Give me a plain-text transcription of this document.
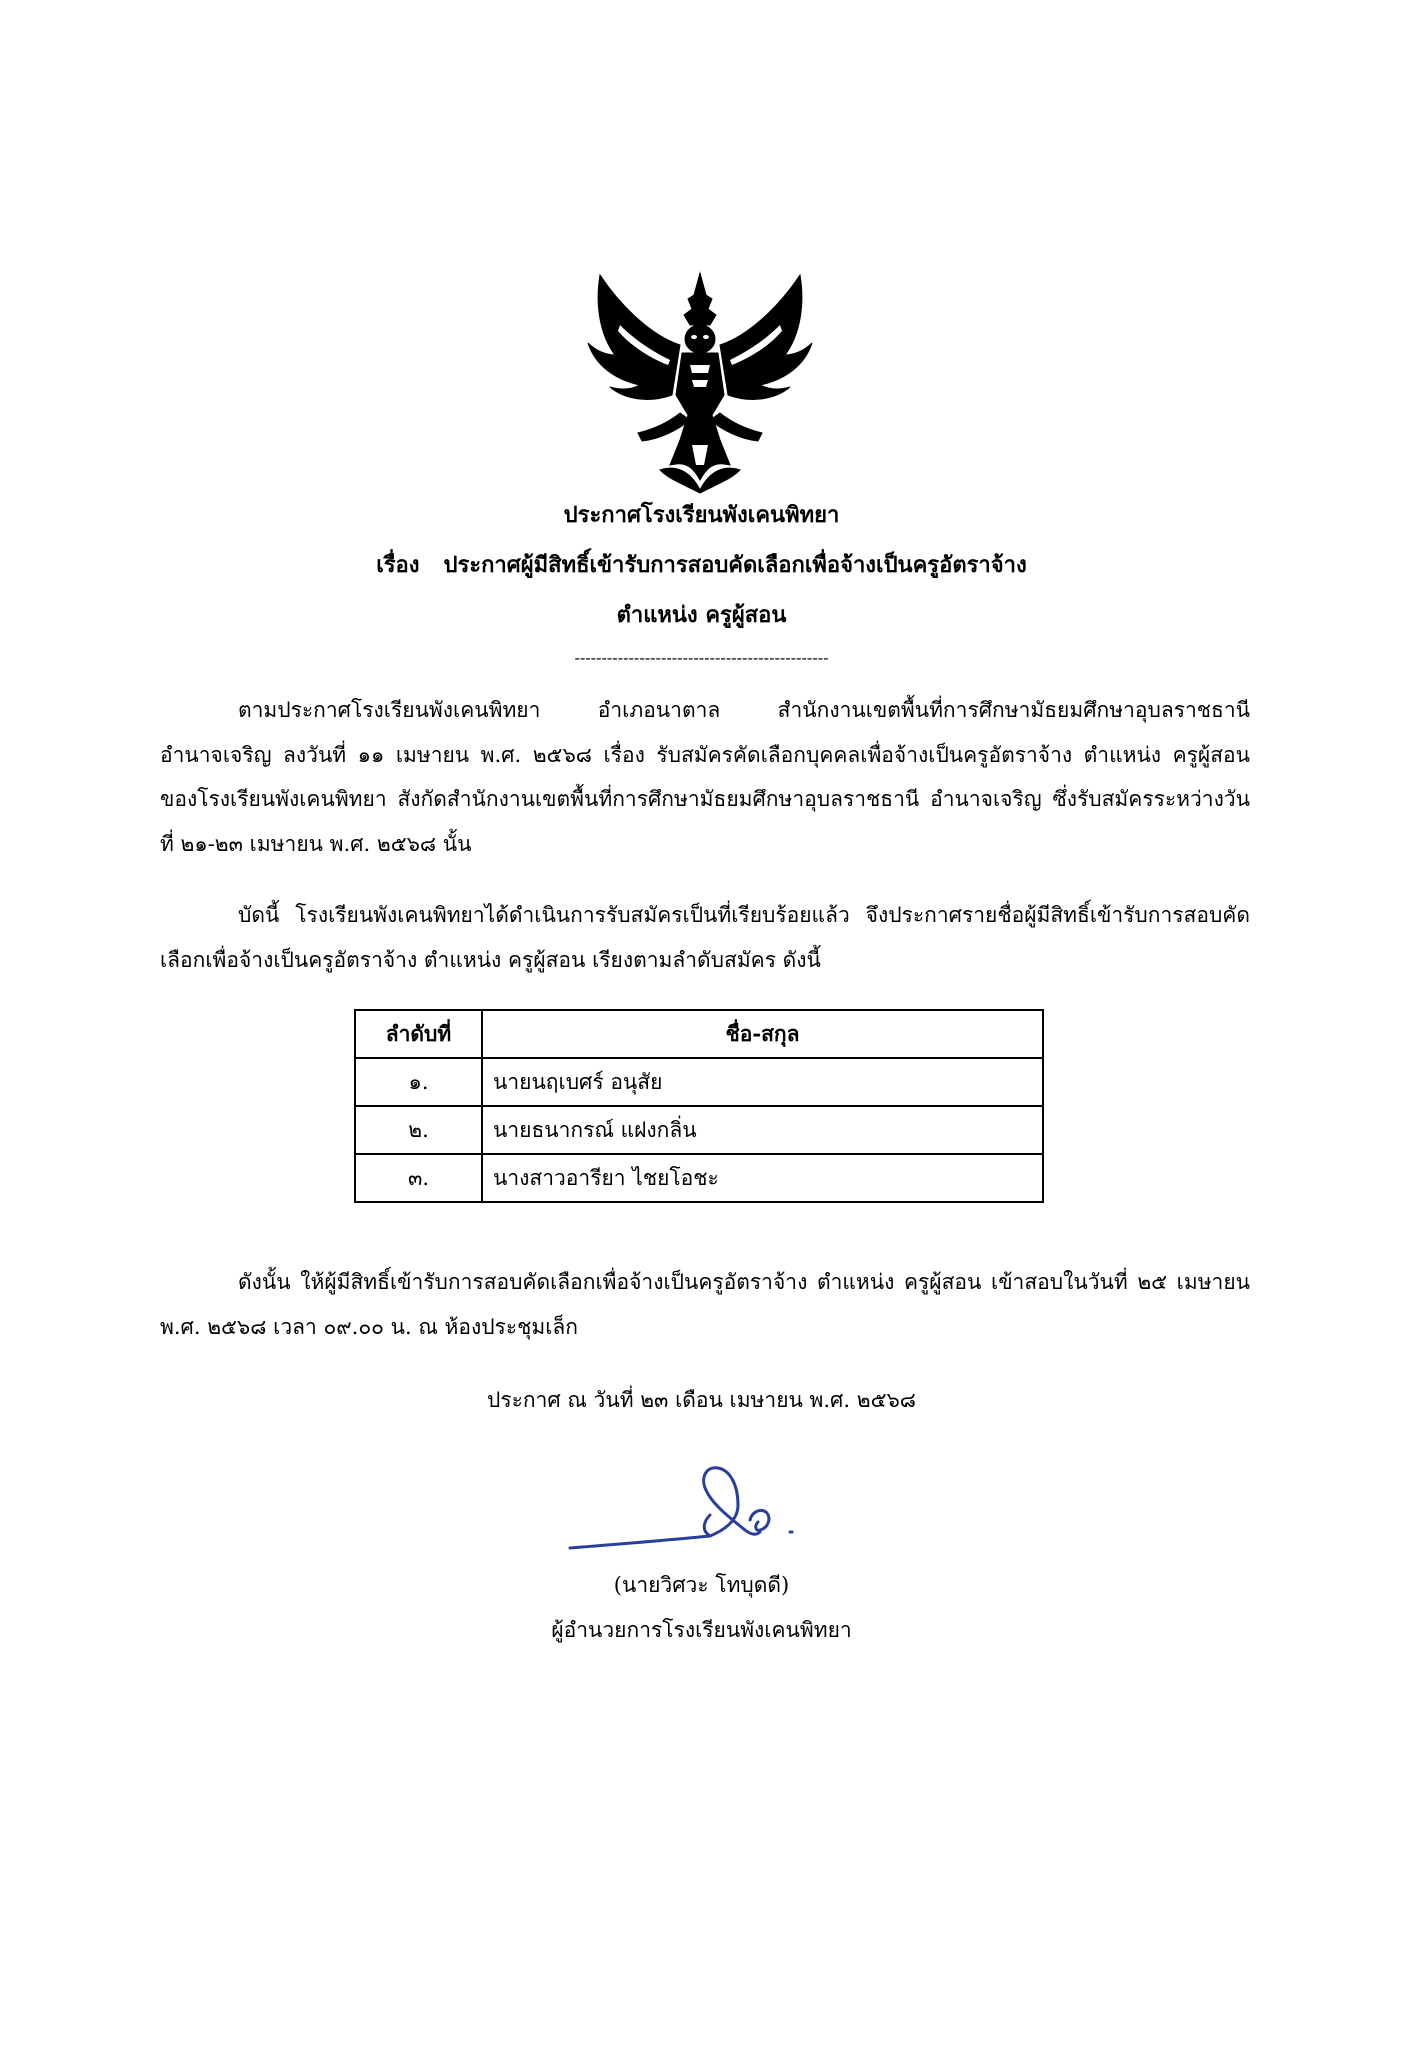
ประกาศโรงเรียนพังเคนพิทยา
เรื่อง ประกาศผู้มีสิทธิ์เข้ารับการสอบคัดเลือกเพื่อจ้างเป็นครูอัตราจ้าง
ตำแหน่ง ครูผู้สอน
-----------------------------------------------

ตามประกาศโรงเรียนพังเคนพิทยา อำเภอนาตาล สำนักงานเขตพื้นที่การศึกษามัธยมศึกษาอุบลราชธานี อำนาจเจริญ ลงวันที่ ๑๑ เมษายน พ.ศ. ๒๕๖๘ เรื่อง รับสมัครคัดเลือกบุคคลเพื่อจ้างเป็นครูอัตราจ้าง ตำแหน่ง ครูผู้สอน ของโรงเรียนพังเคนพิทยา สังกัดสำนักงานเขตพื้นที่การศึกษามัธยมศึกษาอุบลราชธานี อำนาจเจริญ ซึ่งรับสมัครระหว่างวันที่ ๒๑-๒๓ เมษายน พ.ศ. ๒๕๖๘ นั้น

บัดนี้ โรงเรียนพังเคนพิทยาได้ดำเนินการรับสมัครเป็นที่เรียบร้อยแล้ว จึงประกาศรายชื่อผู้มีสิทธิ์เข้ารับการสอบคัดเลือกเพื่อจ้างเป็นครูอัตราจ้าง ตำแหน่ง ครูผู้สอน เรียงตามลำดับสมัคร ดังนี้

ลำดับที่	ชื่อ-สกุล
๑.	นายนฤเบศร์ อนุสัย
๒.	นายธนากรณ์ แฝงกลิ่น
๓.	นางสาวอารียา ไชยโอชะ

ดังนั้น ให้ผู้มีสิทธิ์เข้ารับการสอบคัดเลือกเพื่อจ้างเป็นครูอัตราจ้าง ตำแหน่ง ครูผู้สอน เข้าสอบในวันที่ ๒๕ เมษายน พ.ศ. ๒๕๖๘ เวลา ๐๙.๐๐ น. ณ ห้องประชุมเล็ก

ประกาศ ณ วันที่ ๒๓ เดือน เมษายน พ.ศ. ๒๕๖๘
(นายวิศวะ โทบุดดี)
ผู้อำนวยการโรงเรียนพังเคนพิทยา
